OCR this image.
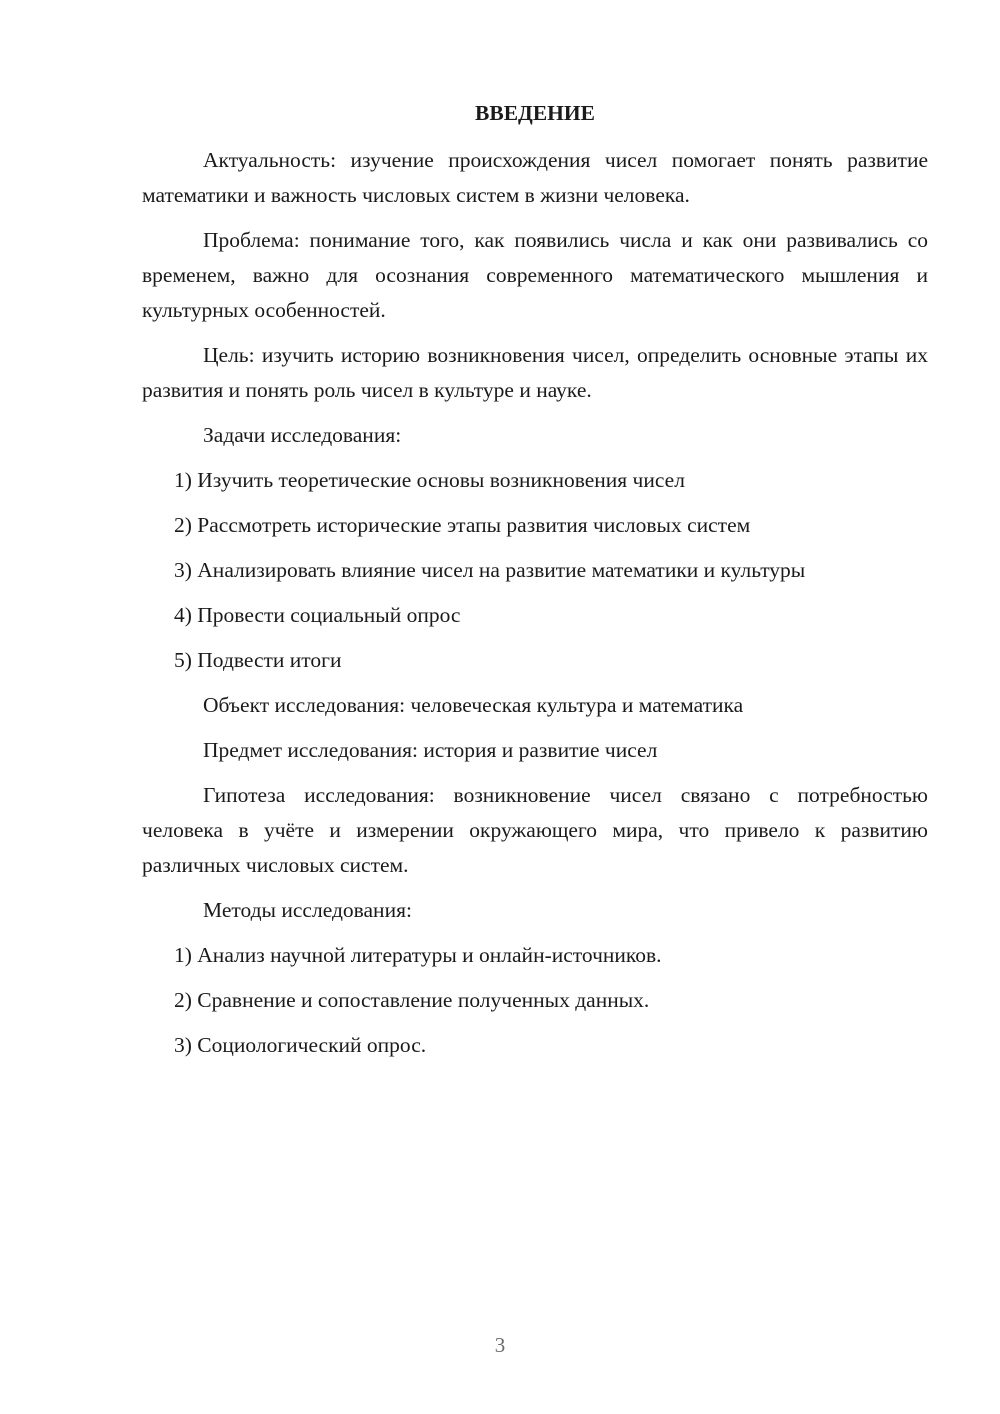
ВВЕДЕНИЕ

Актуальность: изучение происхождения чисел помогает понять развитие математики и важность числовых систем в жизни человека.

Проблема: понимание того, как появились числа и как они развивались со временем, важно для осознания современного математического мышления и культурных особенностей.

Цель: изучить историю возникновения чисел, определить основные этапы их развития и понять роль чисел в культуре и науке.

Задачи исследования:

1) Изучить теоретические основы возникновения чисел
2) Рассмотреть исторические этапы развития числовых систем
3) Анализировать влияние чисел на развитие математики и культуры
4) Провести социальный опрос
5) Подвести итоги

Объект исследования: человеческая культура и математика

Предмет исследования: история и развитие чисел

Гипотеза исследования: возникновение чисел связано с потребностью человека в учёте и измерении окружающего мира, что привело к развитию различных числовых систем.

Методы исследования:

1) Анализ научной литературы и онлайн-источников.
2) Сравнение и сопоставление полученных данных.
3) Социологический опрос.
3
